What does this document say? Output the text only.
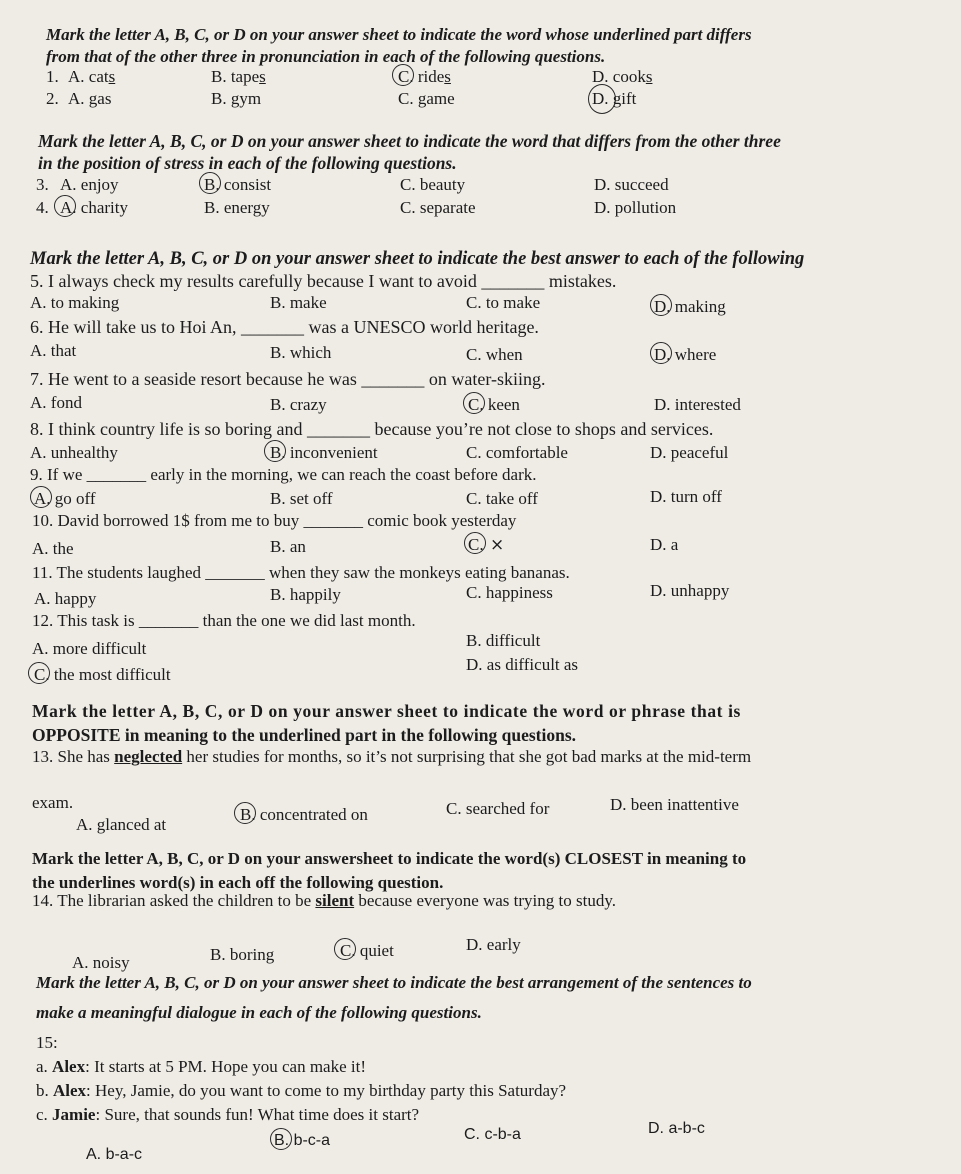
Mark the letter A, B, C, or D on your answer sheet to indicate the word whose underlined part differs
from that of the other three in pronunciation in each of the following questions.
1. A. cats	B. tapes	C. rides	D. cooks
2. A. gas	B. gym	C. game	D. gift
Mark the letter A, B, C, or D on your answer sheet to indicate the word that differs from the other three
in the position of stress in each of the following questions.
3. A. enjoy	B. consist	C. beauty	D. succeed
4. A. charity	B. energy	C. separate	D. pollution
Mark the letter A, B, C, or D on your answer sheet to indicate the best answer to each of the following
5. I always check my results carefully because I want to avoid _______ mistakes.
A. to making	B. make	C. to make	D. making
6. He will take us to Hoi An, _______ was a UNESCO world heritage.
A. that	B. which	C. when	D. where
7. He went to a seaside resort because he was _______ on water-skiing.
A. fond	B. crazy	C. keen	D. interested
8. I think country life is so boring and _______ because you’re not close to shops and services.
A. unhealthy	B. inconvenient	C. comfortable	D. peaceful
9. If we _______ early in the morning, we can reach the coast before dark.
A. go off	B. set off	C. take off	D. turn off
10. David borrowed 1$ from me to buy _______ comic book yesterday
A. the	B. an	C. ×	D. a
11. The students laughed _______ when they saw the monkeys eating bananas.
A. happy	B. happily	C. happiness	D. unhappy
12. This task is _______ than the one we did last month.
A. more difficult	B. difficult
C. the most difficult
D. as difficult as
Mark the letter A, B, C, or D on your answer sheet to indicate the word or phrase that is
OPPOSITE in meaning to the underlined part in the following questions.
13. She has neglected her studies for months, so it’s not surprising that she got bad marks at the mid-term
exam.
A. glanced at
B. concentrated on	C. searched for	D. been inattentive
Mark the letter A, B, C, or D on your answersheet to indicate the word(s) CLOSEST in meaning to
the underlines word(s) in each off the following question.
14. The librarian asked the children to be silent because everyone was trying to study.
A. noisy	B. boring	C. quiet	D. early
Mark the letter A, B, C, or D on your answer sheet to indicate the best arrangement of the sentences to
make a meaningful dialogue in each of the following questions.
15:
a. Alex: It starts at 5 PM. Hope you can make it!
b. Alex: Hey, Jamie, do you want to come to my birthday party this Saturday?
c. Jamie: Sure, that sounds fun! What time does it start?
A. b-a-c
B. b-c-a	C. c-b-a	D. a-b-c
